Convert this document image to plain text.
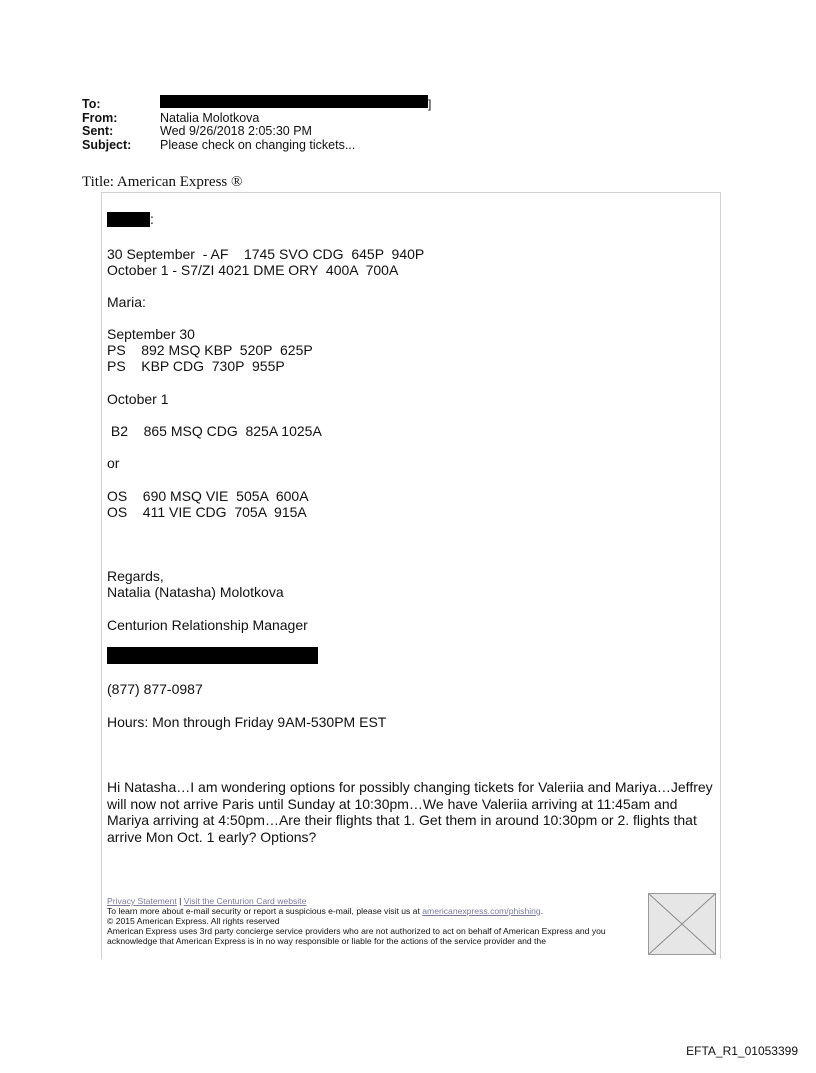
To:	]
From:	Natalia Molotkova
Sent:	Wed 9/26/2018 2:05:30 PM
Subject:	Please check on changing tickets...
Title: American Express ®
:
30 September  - AF    1745 SVO CDG  645P  940P
October 1 - S7/ZI 4021 DME ORY  400A  700A
Maria:
September 30
PS    892 MSQ KBP  520P  625P
PS    KBP CDG  730P  955P
October 1
B2    865 MSQ CDG  825A 1025A
or
OS    690 MSQ VIE  505A  600A
OS    411 VIE CDG  705A  915A
Regards,
Natalia (Natasha) Molotkova
Centurion Relationship Manager
(877) 877-0987
Hours: Mon through Friday 9AM-530PM EST
Hi Natasha…I am wondering options for possibly changing tickets for Valeriia and Mariya…Jeffrey will now not arrive Paris until Sunday at 10:30pm…We have Valeriia arriving at 11:45am and Mariya arriving at 4:50pm…Are their flights that 1. Get them in around 10:30pm or 2. flights that arrive Mon Oct. 1 early? Options?
Privacy Statement | Visit the Centurion Card website
To learn more about e-mail security or report a suspicious e-mail, please visit us at americanexpress.com/phishing.
© 2015 American Express. All rights reserved
American Express uses 3rd party concierge service providers who are not authorized to act on behalf of American Express and you acknowledge that American Express is in no way responsible or liable for the actions of the service provider and the
EFTA_R1_01053399
